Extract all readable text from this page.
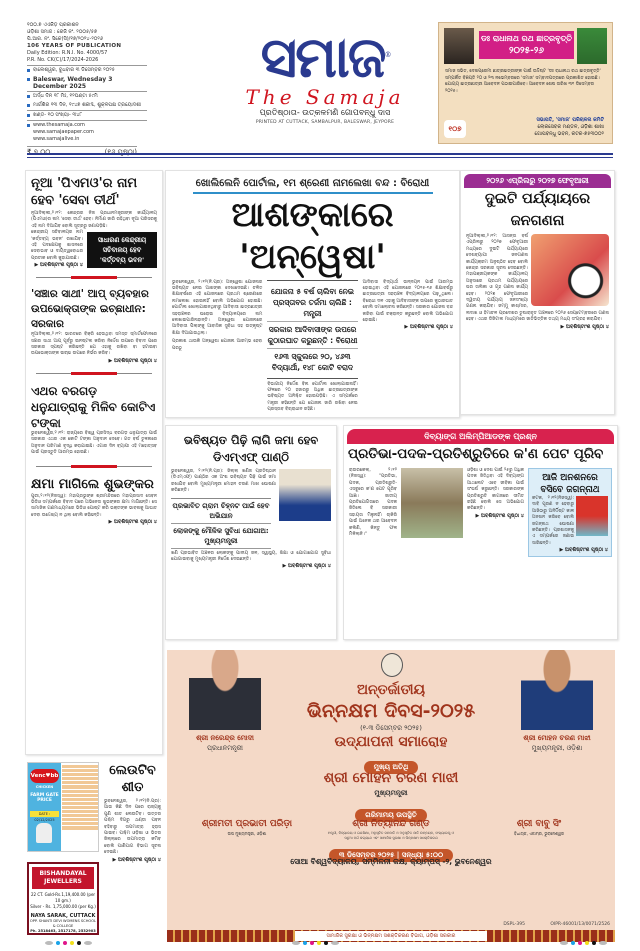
୧୦୦.୭ ଏଏକିଡ଼ ପ୍ରକାଶନ
ଓଡ଼ିଶା ସମାଜ : ରେଜି ନଂ. ୨୦୦୫/୫୭
ପି.ଆର. ନଂ. ସିକେ(ସି)/୧୭/୨୦୨୪-୨୦୨୬
106 YEARS OF PUBLICATION
Daily Edition: R.N.I. No. 4000/57
P.R. No. CK(C)/17/2024-2026
ବାଲେଶ୍ୱର, ବୁଧବାର ୩ ଡିସେମ୍ବର ୨୦୨୫
Baleswar, Wednesday 3 December 2025
ଅର୍ଦ୍ଧ ଦିନ ୧୮ ମିଃ, ୧୨ଘଣ୍ଟା ୫୯ମି
ମାର୍ଗଶିର ୧୩ ଦିନ, ୧୯୪୭ ଶକାବ୍ଦ, ଶୁକ୍ଳପକ୍ଷ ତ୍ରୟୋଦଶୀ
ଖଣ୍ଡ- ୧୦ ସଂଖ୍ୟା- ୩୪୮
www.thesamaja.com
www.samajaepaper.com
www.samajalive.in
₹ ୭.୦୦	(୧୬ ପୃଷ୍ଠା)
ସମାଜ®
The Samaja
ପ୍ରତିଷ୍ଠାତା- ଉତ୍କଳମଣି ଗୋପବନ୍ଧୁ ଦାସ
PRINTED AT CUTTACK, SAMBALPUR, BALESWAR, JEYPORE
ଡଃ ରାଧାନାଥ ରଥ ଛାତ୍ରବୃତ୍ତି
୨୦୨୫-୨୬
ସମାଜ ସଭିତ, ଦେଶପ୍ରେମୀ ଛାତ୍ରଛାତ୍ରୀଙ୍କ ପାଇଁ ଉଦ୍ଦିଷ୍ଟ 'ଡଃ ରାଧାନାଥ ରଥ ଛାତ୍ରବୃତ୍ତି' ସମ୍ପର୍କିତ ବିଜ୍ଞପ୍ତି ୨୦ ଓ ୨୩ ନଭେମ୍ବରରେ 'ସମାଜ' ସମ୍ବାଦପତ୍ରରେ ପ୍ରକାଶିତ ହୋଇଛି। ଯୋଗ୍ୟ ଛାତ୍ରଛାତ୍ରୀ ଆବେଦନ ପଠାଇପାରିବେ। ଆବେଦନ ଶେଷ ତାରିଖ ୩୧ ଡିସେମ୍ବର ୨୦୨୫।
୧୦୭
ସଭାପତି, 'ସମାଜ' ପରିଚାଳନା କମିଟି
ଲୋକସେବକ ମଣ୍ଡଳ, ଓଡ଼ିଶା ଶାଖା
ଗୋପବନ୍ଧୁ ଭବନ, କଟକ-୭୫୩୦୦୨
ନୂଆ 'ପିଏମଓ'ର ନାମ ହେବ 'ସେବା ତୀର୍ଥ'
ନୂଆଦିଲ୍ଲୀ,୨।୧୨: କେନ୍ଦ୍ରର ନିଜ ପ୍ରଧାନମନ୍ତ୍ରୀଙ୍କ କାର୍ଯ୍ୟାଳୟ (ପିଏମଓ)ର ନାମ 'ସେବା ତୀର୍ଥ' ହେବ। ନିର୍ମାଣ ଜାରି ରହିଥିବା ନୂଆ ପରିସରକୁ ଏହି ନାମ ଦିଆଯିବ ବୋଲି ସୂତ୍ରରୁ ଜଣାପଡ଼ିଛି।
ସାଧାରଣ କେନ୍ଦ୍ରୀୟ ସଚିବାଳୟ ହେବ 'କର୍ତ୍ତବ୍ୟ ଭବନ'
କେନ୍ଦ୍ରୀୟ ସଚିବାଳୟର ନାମ 'କର୍ତ୍ତବ୍ୟ ଭବନ' ରଖାଯିବ। ଏହି ପଦକ୍ଷେପକୁ ଶାସନରେ ସେବାଭାବ ଓ ଦାୟିତ୍ୱବୋଧର ପ୍ରତୀକ ବୋଲି କୁହାଯାଇଛି।
▶ ଅବଶିଷ୍ଟାଂଶ ପୃଷ୍ଠା ୪
'ସଞ୍ଚାର ସାଥୀ' ଆପ୍ ବ୍ୟବହାର ଉପଭୋକ୍ତାଙ୍କ ଇଚ୍ଛାଧୀନ: ସରକାର
ନୂଆଦିଲ୍ଲୀ,୨।୧୨: ଭାରତରେ ବିକ୍ରି ହେଉଥିବା ସମସ୍ତ ସ୍ମାର୍ଟଫୋନରେ ସଞ୍ଚାର ସାଥୀ ଆପ୍ ପୂର୍ବରୁ ଇନଷ୍ଟଲ କରିବା ନିର୍ଦ୍ଦେଶ ଉପରେ ବିବାଦ ପରେ ସରକାର ସ୍ପଷ୍ଟ କରିଛନ୍ତି ଯେ ଏହାକୁ ରଖିବା ବା ହଟାଇବା ଉପଭୋକ୍ତାଙ୍କ ଇଚ୍ଛା ଉପରେ ନିର୍ଭର କରିବ।
▶ ଅବଶିଷ୍ଟାଂଶ ପୃଷ୍ଠା ୪
ଏଥର ବରଗଡ଼ ଧନୁଯାତ୍ରାକୁ ମିଳିବ କୋଟିଏ ଟଙ୍କା
ଭୁବନେଶ୍ୱର,୨।୧୨: ରାଜ୍ୟରେ ବିଶ୍ୱ ପ୍ରସିଦ୍ଧ ବରଗଡ଼ ଧନୁଯାତ୍ରା ପାଇଁ ସରକାର ଏଥର ଏକ କୋଟି ଟଙ୍କା ଅନୁଦାନ ଦେବେ। ଗତ ବର୍ଷ ତୁଳନାରେ ଅନୁଦାନ ପରିମାଣ ବୃଦ୍ଧି କରାଯାଇଛି। ଏଗାର ଦିନ ବ୍ୟାପୀ ଏହି ମହୋତ୍ସବ ପାଇଁ ପ୍ରସ୍ତୁତି ଆରମ୍ଭ ହୋଇଛି।
କ୍ଷମା ମାଗିଲେ ଶୁଭଙ୍କର
ପୁରୀ,୨।୧୨(ନିଜସ୍ୱ): ମହାପ୍ରଭୁଙ୍କ ଶ୍ରୀମନ୍ଦିରରେ ମହାପ୍ରସାଦ ସେବନ ଭିଡିଓ ସମ୍ପର୍କରେ ବିବାଦ ପରେ ଅଭିନେତା ଶୁଭଙ୍କର କ୍ଷମା ମାଗିଛନ୍ତି। ସେ ସାମାଜିକ ଗଣମାଧ୍ୟମରେ ଭିଡିଓ ପୋଷ୍ଟ କରି ଭକ୍ତଙ୍କ ଭାବନାକୁ ଆଘାତ ଦେବା ଉଦ୍ଦେଶ୍ୟ ନ ଥିଲା ବୋଲି କହିଛନ୍ତି।
▶ ଅବଶିଷ୍ଟାଂଶ ପୃଷ୍ଠା ୪
ଖୋଲିଲେନି ପୋର୍ଟାଲ, ୧ମ ଶ୍ରେଣୀ ନାମଲେଖା ବନ୍ଦ : ବିରୋଧୀ
ଆଶଙ୍କାରେ 'ଅନ୍ୱେଷା'
ଭୁବନେଶ୍ୱର, ୨।୧୨(ନି.ପ୍ର): ଅନ୍ୱେଷା ଯୋଜନାର ଭବିଷ୍ୟତ ନେଇ ଆଶଙ୍କା ଦେଖାଦେଇଛି। ଚଳିତ ଶିକ୍ଷାବର୍ଷରେ ଏହି ଯୋଜନାରେ ପ୍ରଥମ ଶ୍ରେଣୀରେ ନାମଲେଖା ହୋଇନାହିଁ ବୋଲି ଅଭିଯୋଗ ହୋଇଛି। ପୋର୍ଟାଲ ଖୋଲାଯାଇନଥିବାରୁ ଆଦିବାସୀ ଛାତ୍ରଛାତ୍ରୀ ସହରାଞ୍ଚଳର ଘରୋଇ ବିଦ୍ୟାଳୟରେ ନାମ ଲେଖାଇପାରିନାହାନ୍ତି। ଅନ୍ୱେଷା ଯୋଜନାରେ ଆଦିବାସୀ ପିଲାଙ୍କୁ ଆବାସିକ ସୁବିଧା ସହ ଉତ୍କୃଷ୍ଟ ଶିକ୍ଷା ଦିଆଯାଉଥିଲା।
ପ୍ରକାଶ ଥାଉକି ଅନ୍ୱେଷା ଯୋଜନା ଆରମ୍ଭ ହେବା ପରଠୁ

ଯୋଜନା ୫ ବର୍ଷ ଚାଲିବା ନେଇ ପ୍ରସ୍ତାବର ତର୍ଜମା ଚାଲିଛି : ମନ୍ତ୍ରୀ

ସରକାର ଆଦିବାସୀଙ୍କ ଉପରେ କୁଠାରଘାତ କରୁଛନ୍ତି : ବିରୋଧୀ

୧୬୩ ସ୍କୁଲରେ ୨୦, ୪୬୩ ବିଦ୍ୟାର୍ଥୀ, ୧୪୮ କୋଟି ବରାଦ

ବିଭାଗୀୟ ନିର୍ଦ୍ଦେଶ ବିନା ପୋର୍ଟାଲ ଖୋଲାଯାଇନାହିଁ। ଫଳରେ ୨୦ ହଜାରରୁ ଅଧିକ ଛାତ୍ରଛାତ୍ରୀଙ୍କ ଭବିଷ୍ୟତ ଅନିଶ୍ଚିତ ହୋଇପଡ଼ିଛି। ଏ ସମ୍ପର୍କରେ ମନ୍ତ୍ରୀ କହିଛନ୍ତି ଯେ ଯୋଜନା ଜାରି ରଖିବା ନେଇ ପ୍ରସ୍ତାବ ବିଚାରାଧୀନ ରହିଛି।
ଆଦିବାସୀ ବିଦ୍ୟାର୍ଥୀ ଉନ୍ନୟନ ପାଇଁ ଆରମ୍ଭ ହୋଇଥିବା ଏହି ଯୋଜନାରେ ୨୦୧୫-୧୬ ଶିକ୍ଷାବର୍ଷରୁ ଛାତ୍ରଛାତ୍ରୀ ସହରାଞ୍ଚଳ ବିଦ୍ୟାଳୟରେ ପଢ଼ୁଥିଲେ। ବିରୋଧୀ ଦଳ ଏହାକୁ ଆଦିବାସୀଙ୍କ ଉପରେ କୁଠାରଘାତ ବୋଲି ସମାଲୋଚନା କରିଛନ୍ତି। ସରକାର ଯୋଜନା ବନ୍ଦ କରିବା ପାଇଁ ଚକ୍ରାନ୍ତ କରୁଛନ୍ତି ବୋଲି ଅଭିଯୋଗ ହୋଇଛି।
▶ ଅବଶିଷ୍ଟାଂଶ ପୃଷ୍ଠା ୪
୨୦୨୬ ଏପ୍ରିଲରୁ ୨୦୨୭ ଫେବୃଆରୀ
ଦୁଇଟି ପର୍ଯ୍ୟାୟରେ ଜନଗଣନା
ନୂଆଦିଲ୍ଲୀ,୨।୧୨: ଆସନ୍ତା ବର୍ଷ ଏପ୍ରିଲରୁ ୨୦୨୭ ଫେବୃଆରୀ ମଧ୍ୟରେ ଦୁଇଟି ପର୍ଯ୍ୟାୟରେ ଦେଶବ୍ୟାପୀ ଜନଗଣନା କାର୍ଯ୍ୟକ୍ରମ ଅନୁଷ୍ଠିତ ହେବ ବୋଲି କେନ୍ଦ୍ର ସରକାର ସୂଚନା ଦେଇଛନ୍ତି। ମହାପଞ୍ଜୀୟକଙ୍କ କାର୍ଯ୍ୟାଳୟ ଅନୁସାରେ ପ୍ରଥମ ପର୍ଯ୍ୟାୟରେ ଘର ତାଲିକା ଓ ଗୃହ ଗଣନା କାର୍ଯ୍ୟ ହେବ। ୨୦୨୭ ଫେବୃଆରୀରେ ଦ୍ୱିତୀୟ ପର୍ଯ୍ୟାୟ ଜନସଂଖ୍ୟା ଗଣନା କରାଯିବ। ଜମ୍ମୁ କାଶ୍ମୀର, ଲଦାଖ ଓ ହିମାଚଳ ପ୍ରଦେଶର ତୁଷାରାବୃତ ଅଞ୍ଚଳରେ ୨୦୨୬ ସେପ୍ଟେମ୍ବରରେ ଗଣନା ହେବ। ଏଥର ଡିଜିଟାଲ ମାଧ୍ୟମରେ ଜାତିଭିତ୍ତିକ ତଥ୍ୟ ମଧ୍ୟ ସଂଗ୍ରହ କରାଯିବ।
▶ ଅବଶିଷ୍ଟାଂଶ ପୃଷ୍ଠା ୪
ଭବିଷ୍ୟତ ପିଢ଼ି ଲାଗି ଜମା ହେବ ଡିଏମ୍ଏଫ୍ ପାଣ୍ଠି
ଭୁବନେଶ୍ୱର, ୨।୧୨(ନି.ପ୍ର): ଜିଲ୍ଲା ଖଣିଜ ପ୍ରତିଷ୍ଠାନ (ଡିଏମ୍ଏଫ୍) ପାଣ୍ଠିର ଏକ ଅଂଶ ଭବିଷ୍ୟତ ପିଢ଼ି ପାଇଁ ଜମା ରଖାଯିବ ବୋଲି ମୁଖ୍ୟମନ୍ତ୍ରୀ ମୋହନ ଚରଣ ମାଝୀ ଘୋଷଣା କରିଛନ୍ତି।
ପ୍ରଭାବିତ ଗ୍ରାମ ଚିହ୍ନଟ ପାଇଁ ହେବ ଅଭିଯାନ
ଲୋକଙ୍କୁ ମୌଳିକ ସୁବିଧା ଯୋଗାଅ: ମୁଖ୍ୟମନ୍ତ୍ରୀ
ଖଣି ପ୍ରଭାବିତ ଅଞ୍ଚଳର ଲୋକଙ୍କୁ ପାନୀୟ ଜଳ, ସ୍ୱାସ୍ଥ୍ୟ, ଶିକ୍ଷା ଓ ଯୋଗାଯୋଗ ସୁବିଧା ଯୋଗାଇବାକୁ ମୁଖ୍ୟମନ୍ତ୍ରୀ ନିର୍ଦ୍ଦେଶ ଦେଇଛନ୍ତି।
▶ ଅବଶିଷ୍ଟାଂଶ ପୃଷ୍ଠା ୪
ଦିବ୍ୟାଙ୍ଗ ଅଲିମ୍ପିଆଡଙ୍କ ପ୍ରଶ୍ନ
ପ୍ରତିଭା-ପଦକ-ପ୍ରତିଶ୍ରୁତିରେ କ'ଣ ପେଟ ପୂରିବ
ରାଉରକେଲା, ୨।୧୨ (ନିଜସ୍ୱ): "ପ୍ରତିଭା, ପଦକ, ପ୍ରତିଶ୍ରୁତି- ଏସବୁରେ କ'ଣ ପେଟ ପୂରିବ ଆଜ୍ଞା। ଜାତୀୟ ପ୍ରତିଯୋଗିତାରେ ପଦକ ଜିତିଲେ ବି ସରକାରୀ ସହାୟତା ମିଳୁନାହିଁ। ଚାକିରି ପାଇଁ ଅନେକ ଥର ଆବେଦନ କଲିଣି, କିନ୍ତୁ ଫଳ ମିଳିଲାନି।"
ଓଡ଼ିଶା ଓ ଦେଶ ପାଇଁ ୨୫ରୁ ଅଧିକ ପଦକ ଜିତିଥିବା ଏହି ଦିବ୍ୟାଙ୍ଗ ଆଥଲେଟ ଏବେ ଜୀବିକା ପାଇଁ ସଂଘର୍ଷ କରୁଛନ୍ତି। ସରକାରଙ୍କ ପ୍ରତିଶ୍ରୁତି କାଗଜରେ ସୀମିତ ରହିଛି ବୋଲି ସେ ଅଭିଯୋଗ କରିଛନ୍ତି।
▶ ଅବଶିଷ୍ଟାଂଶ ପୃଷ୍ଠା ୪
ଆଜି ଅନଶନରେ ବସିବେ ଜଗନ୍ନାଥ
କଟକ, ୨।୧୨(ନିଜସ୍ୱ): ଦାବି ପୂରଣ ନ ହେବାରୁ ଆଜିଠାରୁ ଅନିର୍ଦ୍ଦିଷ୍ଟ କାଳ ଅନଶନ କରିବେ ବୋଲି ଜଗନ୍ନାଥ ଘୋଷଣା କରିଛନ୍ତି। ପ୍ରଶାସନକୁ ଏ ସମ୍ପର୍କରେ ଜଣାଇ ସାରିଛନ୍ତି।
▶ ଅବଶିଷ୍ଟାଂଶ ପୃଷ୍ଠା ୪
Venc♥bb
CHICKEN
FARM GATE PRICE
DATE : 02/12/2025
BISHANDAYAL JEWELLERS
22 CT. Gold-Rs.1,19,400.00 (per 10 gm.)
Silver - Rs. 1,75,000.00 (per Kg.)
NAYA SARAK, CUTTACK
OPP. SHANTI DEVI WOMENS SCHOOL & COLLEGE
Ph. 2518463, 2517178, 2532903
ଲେଉଟିବ ଶୀତ
ଭୁବନେଶ୍ୱର, ୨।୧୨(ନି.ପ୍ର): ଆଉ କିଛି ଦିନ ପରେ ରାଜ୍ୟକୁ ପୁଣି ଶୀତ ଲେଉଟିବ। ଉତ୍ତର ପଶ୍ଚିମ ଦିଗରୁ ଥଣ୍ଡା ପବନ ବହିବାରୁ ତାପମାତ୍ରା ହ୍ରାସ ପାଇବ। ପଶ୍ଚିମ ଓଡ଼ିଶା ଓ ଭିତର ଜିଲ୍ଲାରେ ତାପମାତ୍ରା କମିବ ବୋଲି ପାଣିପାଗ ବିଭାଗ ସୂଚନା ଦେଇଛି।
▶ ଅବଶିଷ୍ଟାଂଶ ପୃଷ୍ଠା ୪
ଶ୍ରୀ ନରେନ୍ଦ୍ର ମୋଦୀ
ପ୍ରଧାନମନ୍ତ୍ରୀ
ଶ୍ରୀ ମୋହନ ଚରଣ ମାଝୀ
ମୁଖ୍ୟମନ୍ତ୍ରୀ, ଓଡ଼ିଶା
ଅନ୍ତର୍ଜାତୀୟ
ଭିନ୍ନକ୍ଷମ ଦିବସ-୨୦୨୫
(୧-୩ ଡିସେମ୍ବର ୨୦୨୫)
ଉଦ୍‌ଯାପନୀ ସମାରୋହ
ମୁଖ୍ୟ ଅତିଥି
ଶ୍ରୀ ମୋହନ ଚରଣ ମାଝୀ
ମୁଖ୍ୟମନ୍ତ୍ରୀ
ଗରିମାମୟ ଉପସ୍ଥିତି
ଶ୍ରୀମତୀ ପ୍ରଭାତୀ ପରିଡ଼ା
ଉପ ମୁଖ୍ୟମନ୍ତ୍ରୀ, ଓଡ଼ିଶା
ଶ୍ରୀ ନିତ୍ୟାନନ୍ଦ ଗଣ୍ଡ
ମନ୍ତ୍ରୀ, ବିଦ୍ୟାଳୟ ଓ ଗଣଶିକ୍ଷା, ଅନୁସୂଚିତ ଜନଜାତି ଓ ଅନୁସୂଚିତ ଜାତି ଉନ୍ନୟନ, ସଂଖ୍ୟାଲଘୁ ଓ ପଛୁଆ ବର୍ଗ କଲ୍ୟାଣ ଏବଂ ସାମାଜିକ ସୁରକ୍ଷା ଓ ଭିନ୍ନକ୍ଷମ ସଶକ୍ତିକରଣ
ଶ୍ରୀ ବାବୁ ସିଂ
ବିଧାୟକ, ଏକାମ୍ର, ଭୁବନେଶ୍ୱର
୩ ଡିସେମ୍ବର ୨୦୨୫ | ସନ୍ଧ୍ୟା ୫:୦୦
ସୋଆ ବିଶ୍ୱବିଦ୍ୟାଳୟ, ସମ୍ମିଳନୀ କକ୍ଷ, କ୍ୟାମ୍ପସ୍ -୨, ଭୁବନେଶ୍ୱର
DSPL-395	OIPR-46001/13/0071/2526
ସାମାଜିକ ସୁରକ୍ଷା ଓ ଭିନ୍ନକ୍ଷମ ସଶକ୍ତିକରଣ ବିଭାଗ, ଓଡ଼ିଶା ସରକାର
